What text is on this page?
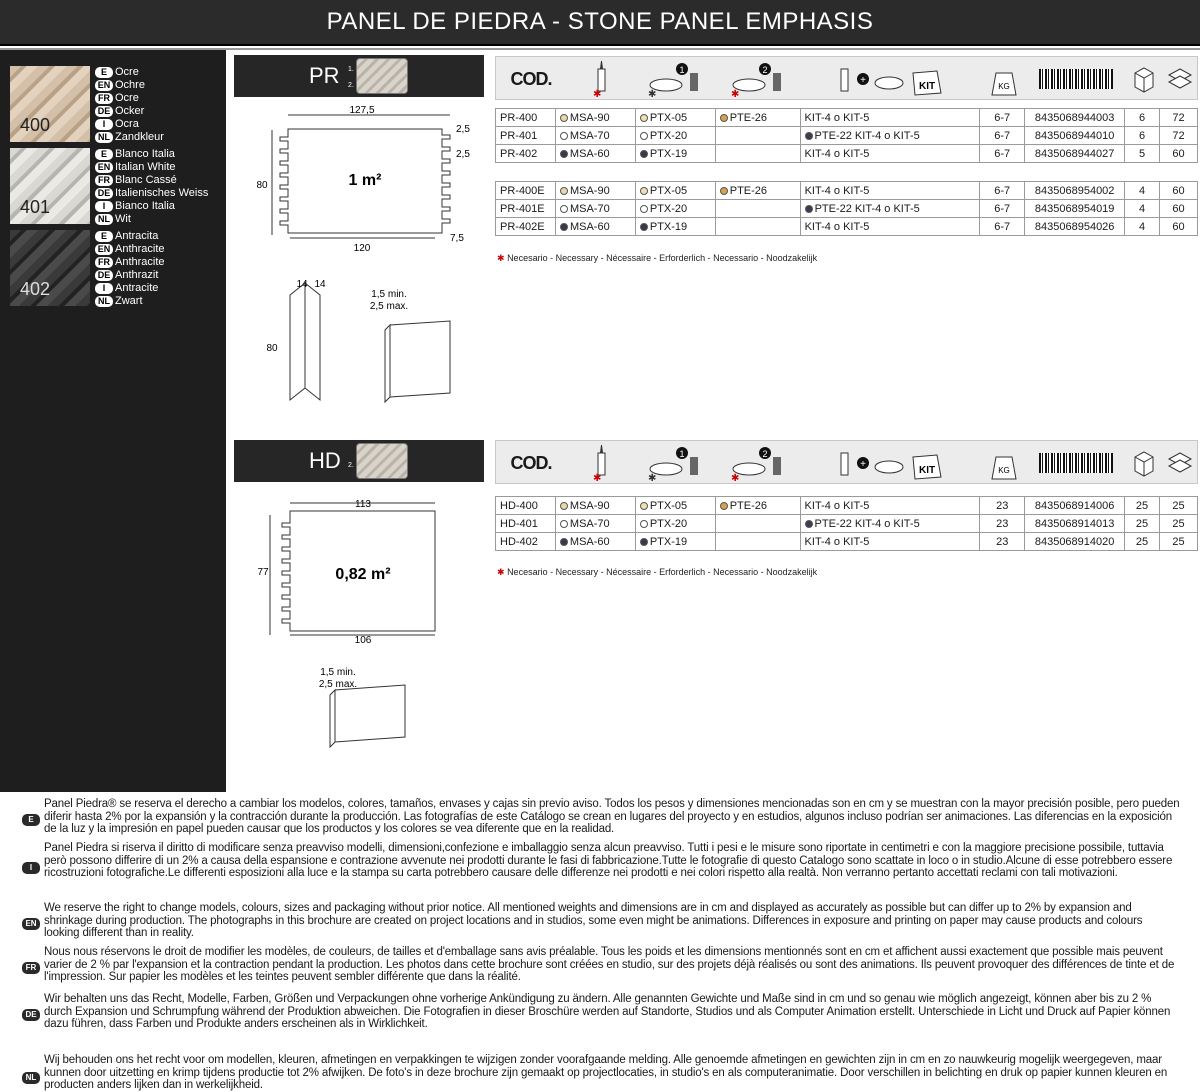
PANEL DE PIEDRA - STONE PANEL EMPHASIS
400
E Ocre
EN Ochre
FR Ocre
DE Ocker
I Ocra
NL Zandkleur
401
E Blanco Italia
EN Italian White
FR Blanc Cassé
DE Italienisches Weiss
I Bianco Italia
NL Wit
402
E Antracita
EN Anthracite
FR Anthracite
DE Anthrazit
I Antracite
NL Zwart
PR 1.
2.	COD.
✱
1
✱
2
✱
+
KIT	KG
PR-400	MSA-90	PTX-05	PTE-26	KIT-4 o KIT-5	6-7	8435068944003	6	72
PR-401	MSA-70	PTX-20		PTE-22 KIT-4 o KIT-5	6-7	8435068944010	6	72
PR-402	MSA-60	PTX-19		KIT-4 o KIT-5	6-7	8435068944027	5	60
PR-400E	MSA-90	PTX-05	PTE-26	KIT-4 o KIT-5	6-7	8435068954002	4	60
PR-401E	MSA-70	PTX-20		PTE-22 KIT-4 o KIT-5	6-7	8435068954019	4	60
PR-402E	MSA-60	PTX-19		KIT-4 o KIT-5	6-7	8435068954026	4	60
✱ Necesario - Necessary - Nécessaire - Erforderlich - Necessario - Noodzakelijk
127,5
2,5
2,5
80
120
7,5
1 m²
14 14
80
1,5 min.
2,5 max.
HD 2.	COD.
✱
1
✱
2
✱
+
KIT	KG
HD-400	MSA-90	PTX-05	PTE-26	KIT-4 o KIT-5	23	8435068914006	25	25
HD-401	MSA-70	PTX-20		PTE-22 KIT-4 o KIT-5	23	8435068914013	25	25
HD-402	MSA-60	PTX-19		KIT-4 o KIT-5	23	8435068914020	25	25
✱ Necesario - Necessary - Nécessaire - Erforderlich - Necessario - Noodzakelijk
113
77
106
0,82 m²
1,5 min.
2,5 max.
E
Panel Piedra® se reserva el derecho a cambiar los modelos, colores, tamaños, envases y cajas sin previo aviso. Todos los pesos y dimensiones mencionadas son en cm y se muestran con la mayor precisión posible, pero pueden diferir hasta 2% por la expansión y la contracción durante la producción. Las fotografías de este Catálogo se crean en lugares del proyecto y en estudios, algunos incluso podrían ser animaciones. Las diferencias en la exposición de la luz y la impresión en papel pueden causar que los productos y los colores se vea diferente que en la realidad.
I
Panel Piedra si riserva il diritto di modificare senza preavviso modelli, dimensioni,confezione e imballaggio senza alcun preavviso. Tutti i pesi e le misure sono riportate in centimetri e con la maggiore precisione possibile, tuttavia però possono differire di un 2% a causa della espansione e contrazione avvenute nei prodotti durante le fasi di fabbricazione.Tutte le fotografie di questo Catalogo sono scattate in loco o in studio.Alcune di esse potrebbero essere ricostruzioni fotografiche.Le differenti esposizioni alla luce e la stampa su carta potrebbero causare delle differenze nei prodotti e nei colori rispetto alla realtà. Non verranno pertanto accettati reclami con tali motivazioni.
EN
We reserve the right to change models, colours, sizes and packaging without prior notice. All mentioned weights and dimensions are in cm and displayed as accurately as possible but can differ up to 2% by expansion and shrinkage during production. The photographs in this brochure are created on project locations and in studios, some even might be animations. Differences in exposure and printing on paper may cause products and colours looking different than in reality.
FR
Nous nous réservons le droit de modifier les modèles, de couleurs, de tailles et d'emballage sans avis préalable. Tous les poids et les dimensions mentionnés sont en cm et affichent aussi exactement que possible mais peuvent varier de 2 % par l'expansion et la contraction pendant la production. Les photos dans cette brochure sont créées en studio, sur des projets déjà réalisés ou sont des animations. Ils peuvent provoquer des différences de tinte et de l'impression. Sur papier les modèles et les teintes peuvent sembler différente que dans la réalité.
DE
Wir behalten uns das Recht, Modelle, Farben, Größen und Verpackungen ohne vorherige Ankündigung zu ändern. Alle genannten Gewichte und Maße sind in cm und so genau wie möglich angezeigt, können aber bis zu 2 % durch Expansion und Schrumpfung während der Produktion abweichen. Die Fotografien in dieser Broschüre werden auf Standorte, Studios und als Computer Animation erstellt. Unterschiede in Licht und Druck auf Papier können dazu führen, dass Farben und Produkte anders erscheinen als in Wirklichkeit.
NL
Wij behouden ons het recht voor om modellen, kleuren, afmetingen en verpakkingen te wijzigen zonder voorafgaande melding. Alle genoemde afmetingen en gewichten zijn in cm en zo nauwkeurig mogelijk weergegeven, maar kunnen door uitzetting en krimp tijdens productie tot 2% afwijken. De foto's in deze brochure zijn gemaakt op projectlocaties, in studio's en als computeranimatie. Door verschillen in belichting en druk op papier kunnen kleuren en producten anders lijken dan in werkelijkheid.
